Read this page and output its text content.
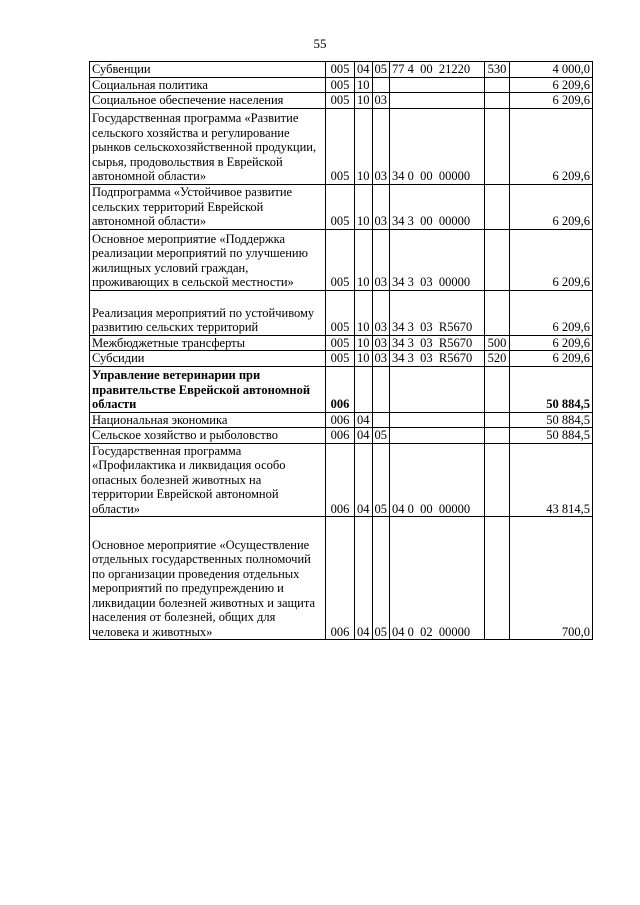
55
Субвенции	005	04	05	77 4  00  21220	530	4 000,0
Социальная политика	005	10				6 209,6
Социальное обеспечение населения	005	10	03			6 209,6
Государственная программа «Развитие сельского хозяйства и регулирование рынков сельскохозяйственной продукции, сырья, продовольствия в Еврейской автономной области»	005	10	03	34 0  00  00000		6 209,6
Подпрограмма «Устойчивое развитие сельских территорий Еврейской автономной области»	005	10	03	34 3  00  00000		6 209,6
Основное мероприятие «Поддержка реализации мероприятий по улучшению жилищных условий граждан, проживающих в сельской местности»	005	10	03	34 3  03  00000		6 209,6
Реализация мероприятий по устойчивому развитию сельских территорий	005	10	03	34 3  03  R5670		6 209,6
Межбюджетные трансферты	005	10	03	34 3  03  R5670	500	6 209,6
Субсидии	005	10	03	34 3  03  R5670	520	6 209,6
Управление ветеринарии при правительстве Еврейской автономной области	006					50 884,5
Национальная экономика	006	04				50 884,5
Сельское хозяйство и рыболовство	006	04	05			50 884,5
Государственная программа «Профилактика и ликвидация особо опасных болезней животных на территории Еврейской автономной области»	006	04	05	04 0  00  00000		43 814,5
Основное мероприятие «Осуществление отдельных государственных полномочий по организации проведения отдельных мероприятий по предупреждению и ликвидации болезней животных и защита населения от болезней, общих для человека и животных»	006	04	05	04 0  02  00000		700,0
